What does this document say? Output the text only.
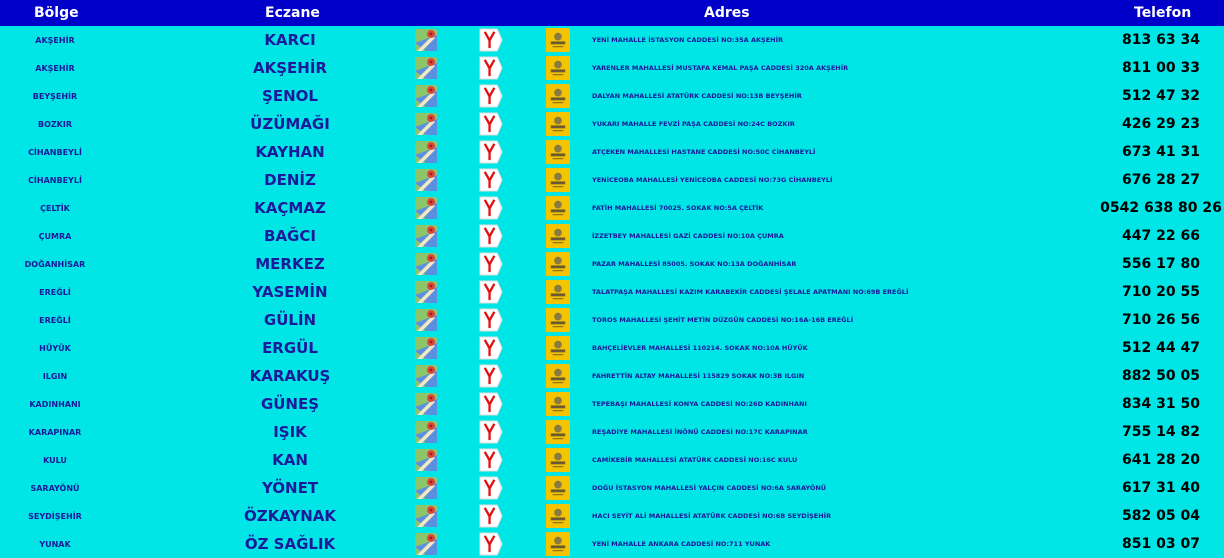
Bölge	Eczane	Adres	Telefon
AKŞEHİR	KARCI	YENİ MAHALLE İSTASYON CADDESİ NO:35A AKŞEHİR	813 63 34
AKŞEHİR	AKŞEHİR	YARENLER MAHALLESİ MUSTAFA KEMAL PAŞA CADDESİ 320A AKŞEHİR	811 00 33
BEYŞEHİR	ŞENOL	DALYAN MAHALLESİ ATATÜRK CADDESİ NO:13B BEYŞEHİR	512 47 32
BOZKIR	ÜZÜMAĞI	YUKARI MAHALLE FEVZİ PAŞA CADDESİ NO:24C BOZKIR	426 29 23
CİHANBEYLİ	KAYHAN	ATÇEKEN MAHALLESİ HASTANE CADDESİ NO:50C CİHANBEYLİ	673 41 31
CİHANBEYLİ	DENİZ	YENİCEOBA MAHALLESİ YENİCEOBA CADDESİ NO:73G CİHANBEYLİ	676 28 27
ÇELTİK	KAÇMAZ	FATİH MAHALLESİ 70025. SOKAK NO:5A ÇELTİK	0542 638 80 26
ÇUMRA	BAĞCI	İZZETBEY MAHALLESİ GAZİ CADDESİ NO:10A ÇUMRA	447 22 66
DOĞANHİSAR	MERKEZ	PAZAR MAHALLESİ 85005. SOKAK NO:13A DOĞANHİSAR	556 17 80
EREĞLİ	YASEMİN	TALATPAŞA MAHALLESİ KAZIM KARABEKİR CADDESİ ŞELALE APATMANI NO:69B EREĞLİ	710 20 55
EREĞLİ	GÜLİN	TOROS MAHALLESİ ŞEHİT METİN DÜZGÜN CADDESİ NO:16A-16B EREĞLİ	710 26 56
HÜYÜK	ERGÜL	BAHÇELİEVLER MAHALLESİ 110214. SOKAK NO:10A HÜYÜK	512 44 47
ILGIN	KARAKUŞ	FAHRETTİN ALTAY MAHALLESİ 115829 SOKAK NO:3B ILGIN	882 50 05
KADINHANI	GÜNEŞ	TEPEBAŞI MAHALLESİ KONYA CADDESİ NO:26D KADINHANI	834 31 50
KARAPINAR	IŞIK	REŞADİYE MAHALLESİ İNÖNÜ CADDESİ NO:17C KARAPINAR	755 14 82
KULU	KAN	CAMİKEBİR MAHALLESİ ATATÜRK CADDESİ NO:16C KULU	641 28 20
SARAYÖNÜ	YÖNET	DOĞU İSTASYON MAHALLESİ YALÇIN CADDESİ NO:6A SARAYÖNÜ	617 31 40
SEYDİŞEHİR	ÖZKAYNAK	HACI SEYİT ALİ MAHALLESİ ATATÜRK CADDESİ NO:6B SEYDİŞEHİR	582 05 04
YUNAK	ÖZ SAĞLIK	YENİ MAHALLE ANKARA CADDESİ NO:711 YUNAK	851 03 07
